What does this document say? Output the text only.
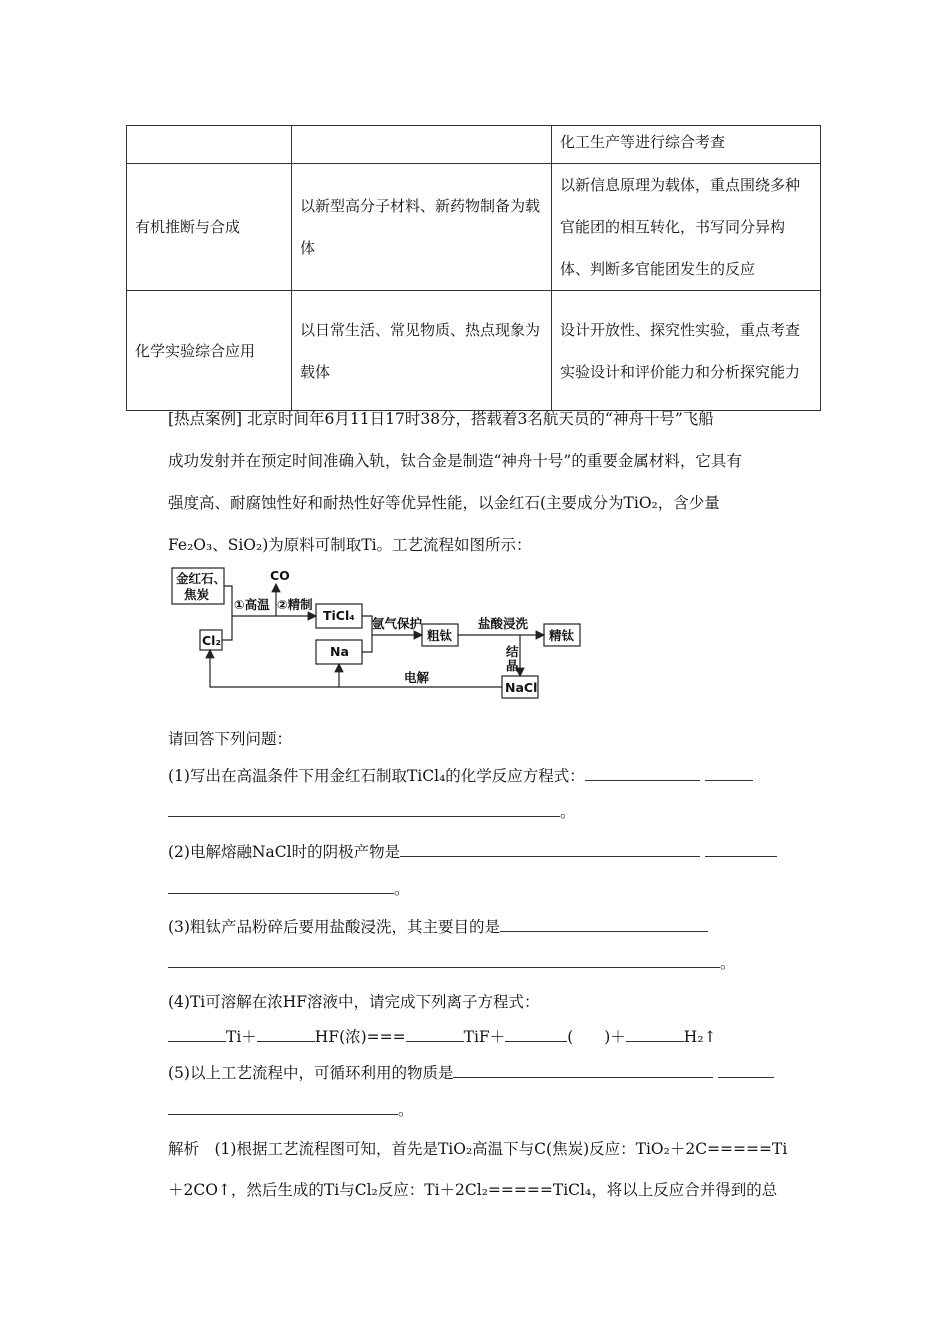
		化工生产等进行综合考查
有机推断与合成	以新型高分子材料、新药物制备为载体	以新信息原理为载体，重点围绕多种官能团的相互转化，书写同分异构体、判断多官能团发生的反应
化学实验综合应用	以日常生活、常见物质、热点现象为载体	设计开放性、探究性实验，重点考查实验设计和评价能力和分析探究能力
[热点案例] 北京时间年6月11日17时38分，搭载着3名航天员的“神舟十号”飞船
成功发射并在预定时间准确入轨，钛合金是制造“神舟十号”的重要金属材料，它具有
强度高、耐腐蚀性好和耐热性好等优异性能，以金红石(主要成分为TiO₂，含少量
Fe₂O₃、SiO₂)为原料可制取Ti。工艺流程如图所示：
金红石、
焦炭
Cl₂
TiCl₄
Na
粗钛	精钛
NaCl
CO
①高温 ②精制
氩气保护	盐酸浸洗
结
晶
电解
请回答下列问题：
(1)写出在高温条件下用金红石制取TiCl₄的化学反应方程式：
。
(2)电解熔融NaCl时的阴极产物是
。
(3)粗钛产品粉碎后要用盐酸浸洗，其主要目的是
。
(4)Ti可溶解在浓HF溶液中，请完成下列离子方程式：
Ti＋	HF(浓)===	TiF＋	(　　)＋	H₂↑
(5)以上工艺流程中，可循环利用的物质是
。
解析　(1)根据工艺流程图可知，首先是TiO₂高温下与C(焦炭)反应：TiO₂＋2C=====Ti
＋2CO↑，然后生成的Ti与Cl₂反应：Ti＋2Cl₂=====TiCl₄，将以上反应合并得到的总
